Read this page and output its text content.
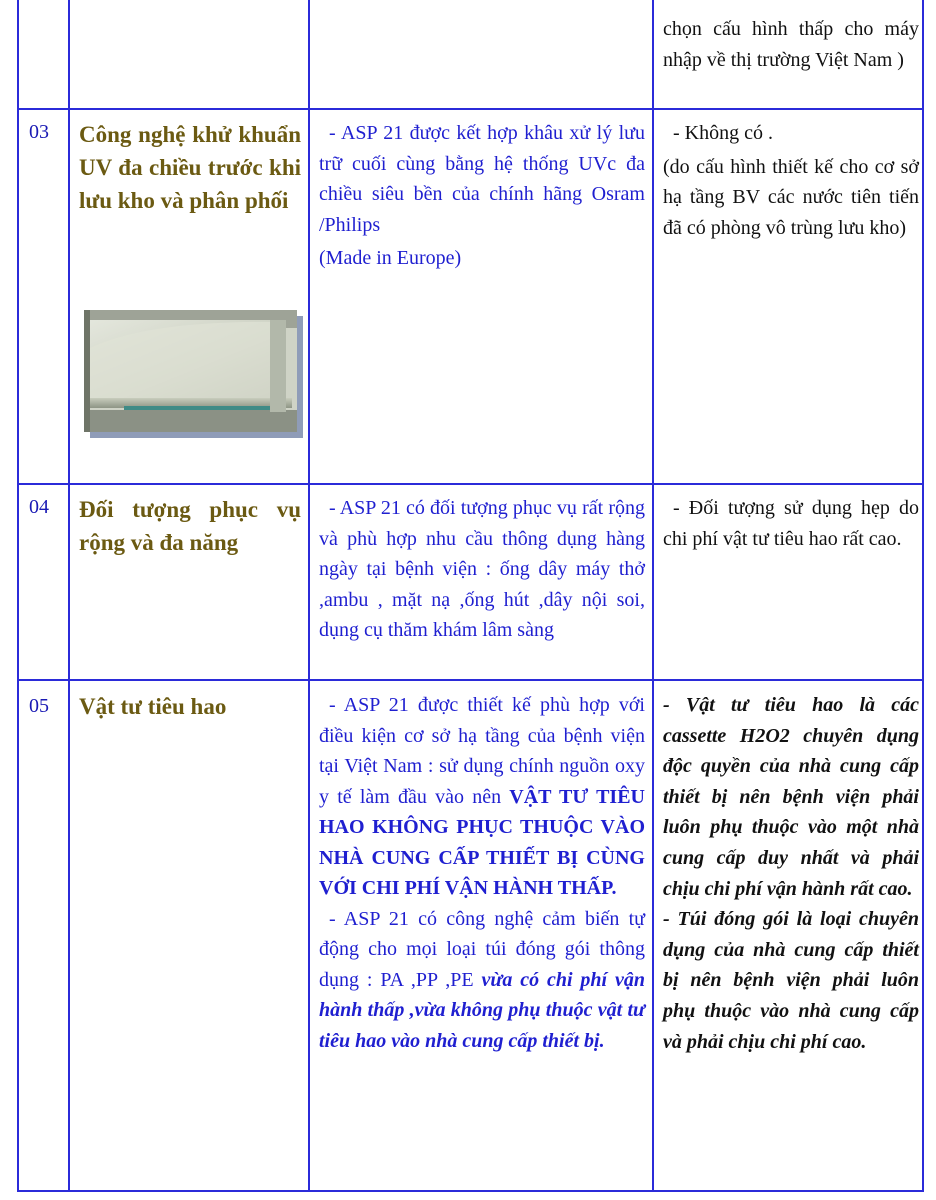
chọn cấu hình thấp cho máy nhập về thị trường Việt Nam )

03 Công nghệ khử khuẩn UV đa chiều trước khi lưu kho và phân phối

- ASP 21 được kết hợp khâu xử lý lưu trữ cuối cùng bằng hệ thống UVc đa chiều siêu bền của chính hãng Osram /Philips

(Made in Europe)

- Không có .

(do cấu hình thiết kế cho cơ sở hạ tầng BV các nước tiên tiến đã có phòng vô trùng lưu kho)

04 Đối tượng phục vụ rộng và đa năng

- ASP 21 có đối tượng phục vụ rất rộng và phù hợp nhu cầu thông dụng hàng ngày tại bệnh viện : ống dây máy thở ,ambu , mặt nạ ,ống hút ,dây nội soi, dụng cụ thăm khám lâm sàng

- Đối tượng sử dụng hẹp do chi phí vật tư tiêu hao rất cao.

05 Vật tư tiêu hao	- ASP 21 được thiết kế phù hợp với điều kiện cơ sở hạ tầng của bệnh viện tại Việt Nam : sử dụng chính nguồn oxy y tế làm đầu vào nên VẬT TƯ TIÊU HAO KHÔNG PHỤC THUỘC VÀO NHÀ CUNG CẤP THIẾT BỊ CÙNG VỚI CHI PHÍ VẬN HÀNH THẤP.

- ASP 21 có công nghệ cảm biến tự động cho mọi loại túi đóng gói thông dụng : PA ,PP ,PE vừa có chi phí vận hành thấp ,vừa không phụ thuộc vật tư tiêu hao vào nhà cung cấp thiết bị.

- Vật tư tiêu hao là các cassette H2O2 chuyên dụng độc quyền của nhà cung cấp thiết bị nên bệnh viện phải luôn phụ thuộc vào một nhà cung cấp duy nhất và phải chịu chi phí vận hành rất cao.

- Túi đóng gói là loại chuyên dụng của nhà cung cấp thiết bị nên bệnh viện phải luôn phụ thuộc vào nhà cung cấp và phải chịu chi phí cao.
